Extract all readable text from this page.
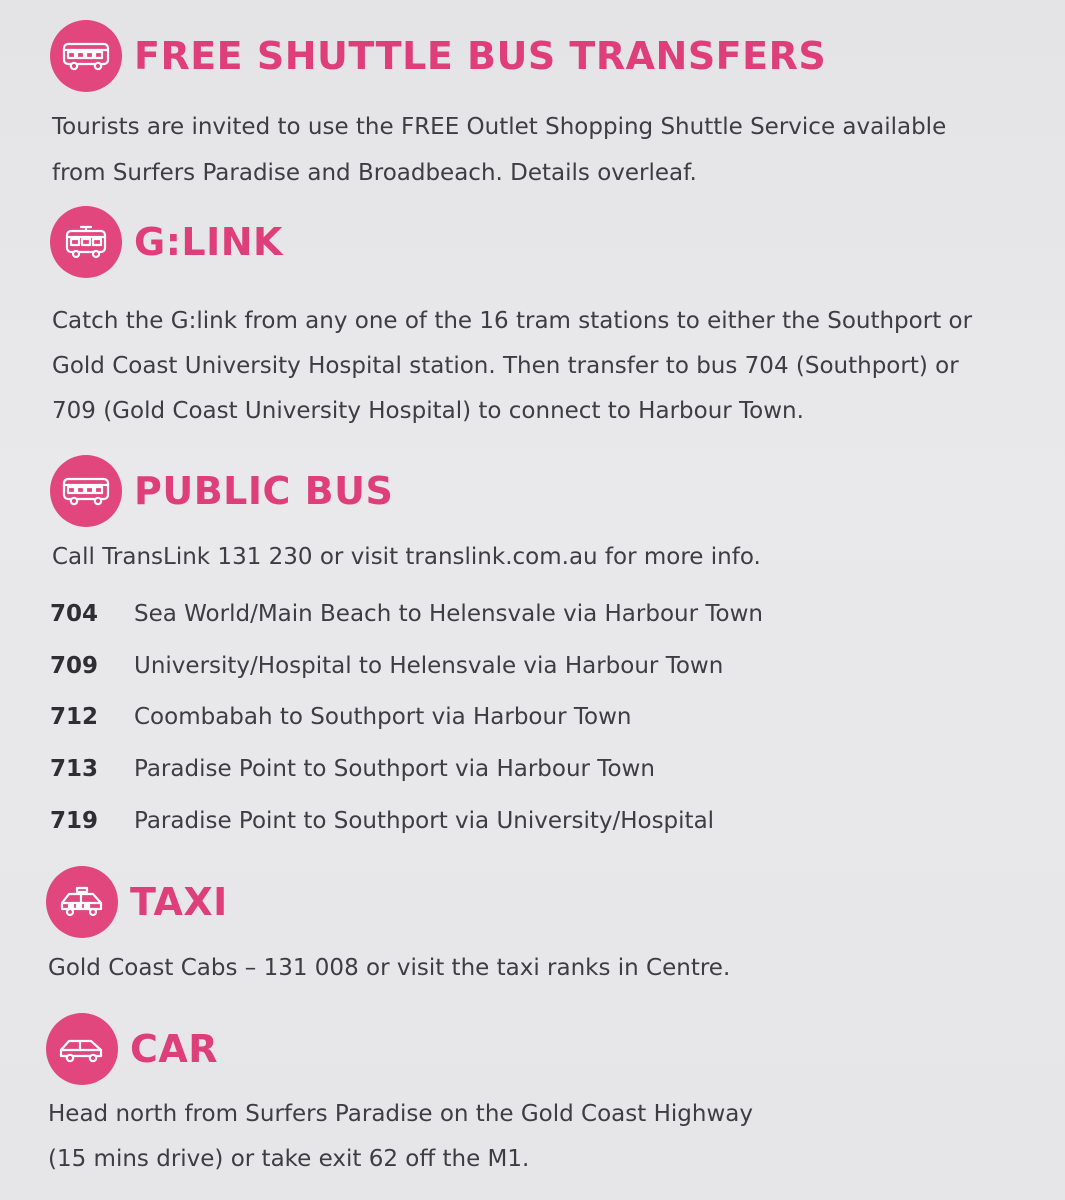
FREE SHUTTLE BUS TRANSFERS
Tourists are invited to use the FREE Outlet Shopping Shuttle Service available
from Surfers Paradise and Broadbeach. Details overleaf.
G:LINK
Catch the G:link from any one of the 16 tram stations to either the Southport or
Gold Coast University Hospital station. Then transfer to bus 704 (Southport) or
709 (Gold Coast University Hospital) to connect to Harbour Town.
PUBLIC BUS
Call TransLink 131 230 or visit translink.com.au for more info.
704	Sea World/Main Beach to Helensvale via Harbour Town
709	University/Hospital to Helensvale via Harbour Town
712	Coombabah to Southport via Harbour Town
713	Paradise Point to Southport via Harbour Town
719	Paradise Point to Southport via University/Hospital
TAXI
Gold Coast Cabs – 131 008 or visit the taxi ranks in Centre.
CAR
Head north from Surfers Paradise on the Gold Coast Highway
(15 mins drive) or take exit 62 off the M1.
